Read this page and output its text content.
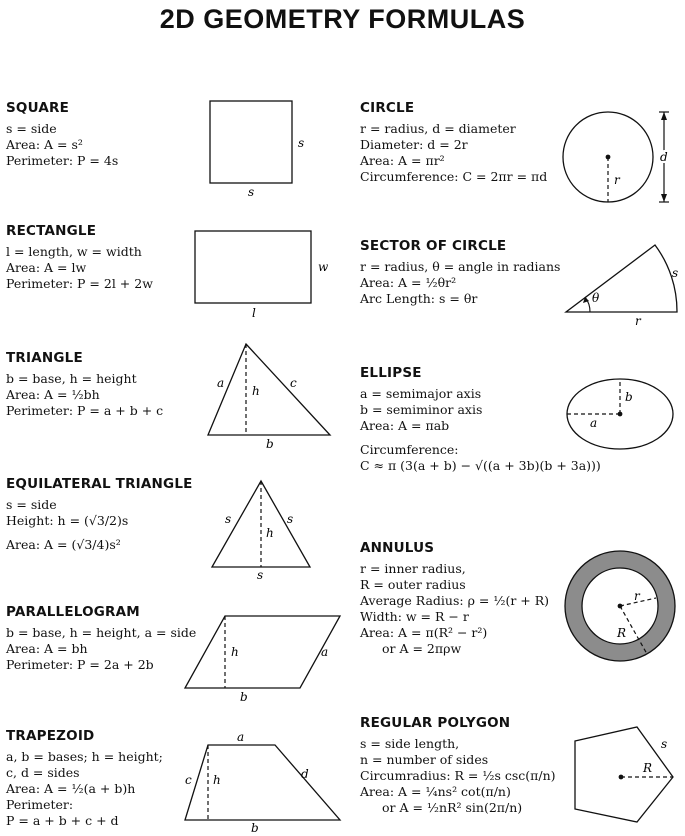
2D GEOMETRY FORMULAS
SQUARE
s = side
Area: A = s²
Perimeter: P = 4s
s
s
RECTANGLE
l = length, w = width
Area: A = lw
Perimeter: P = 2l + 2w
w
l
TRIANGLE
b = base, h = height
Area: A = ½bh
Perimeter: P = a + b + c
a	c
h
b
EQUILATERAL TRIANGLE
s = side
Height: h = (√3/2)s
Area: A = (√3/4)s²
s	s
h
s
PARALLELOGRAM
b = base, h = height, a = side
Area: A = bh
Perimeter: P = 2a + 2b
h	a
b
TRAPEZOID
a, b = bases; h = height;
c, d = sides
Area: A = ½(a + b)h
Perimeter:
P = a + b + c + d
a
c h	d
b
CIRCLE
r = radius, d = diameter
Diameter: d = 2r
Area: A = πr²
Circumference: C = 2πr = πd
d
r
SECTOR OF CIRCLE
r = radius, θ = angle in radians
Area: A = ½θr²
Arc Length: s = θr	θ
s
r
ELLIPSE
a = semimajor axis
b = semiminor axis
Area: A = πab
Circumference:
C ≈ π (3(a + b) − √((a + 3b)(b + 3a)))
b
a
ANNULUS
r = inner radius,
R = outer radius
Average Radius: ρ = ½(r + R)
Width: w = R − r
Area: A = π(R² − r²)
or A = 2πρw
r
R
REGULAR POLYGON
s = side length,
n = number of sides
Circumradius: R = ½s csc(π/n)
Area: A = ¼ns² cot(π/n)
or A = ½nR² sin(2π/n)
s
R
